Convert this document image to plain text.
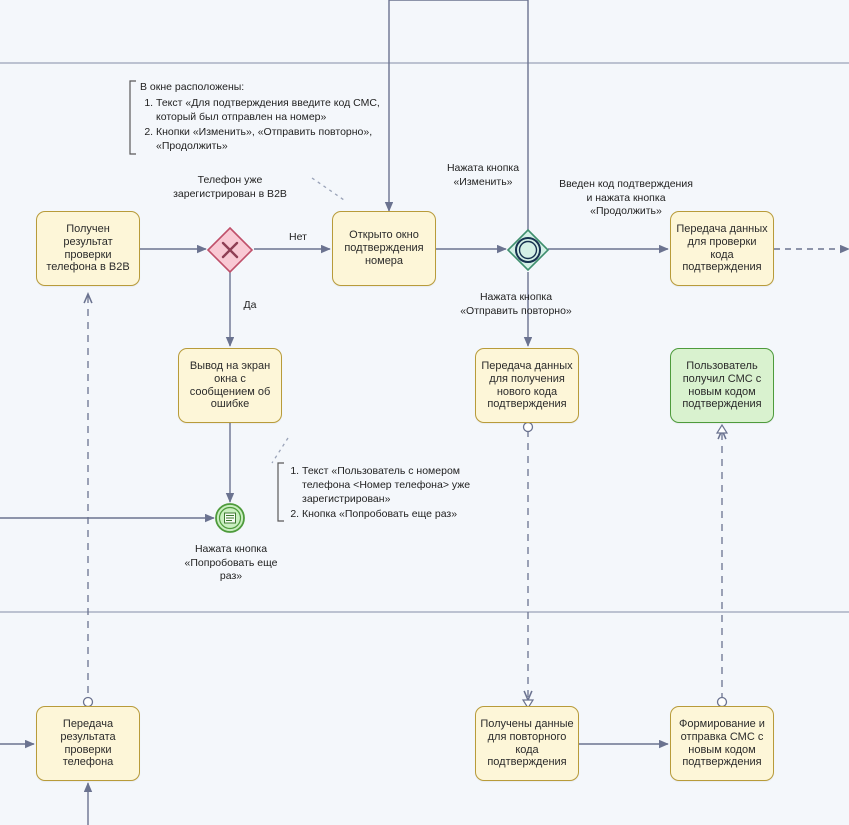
Получен результат проверки телефона в B2B
Открыто окно подтверждения номера
Передача данных для проверки кода подтверждения
Вывод на экран окна с сообщением об ошибке
Передача данных для получения нового кода подтверждения
Пользователь получил СМС с новым кодом подтверждения
Передача результата проверки телефона
Получены данные для повторного кода подтверждения
Формирование и отправка СМС с новым кодом подтверждения
Нет
Да
Нажата кнопка «Изменить»	Введен код подтверждения и нажата кнопка «Продолжить»
Нажата кнопка «Отправить повторно»
Телефон уже зарегистрирован в B2B
Нажата кнопка «Попробовать еще раз»
В окне расположены:
1. Текст «Для подтверждения введите код СМС, который был отправлен на номер»
2. Кнопки «Изменить», «Отправить повторно», «Продолжить»
1. Текст «Пользователь с номером телефона <Номер телефона> уже зарегистрирован»
2. Кнопка «Попробовать еще раз»
